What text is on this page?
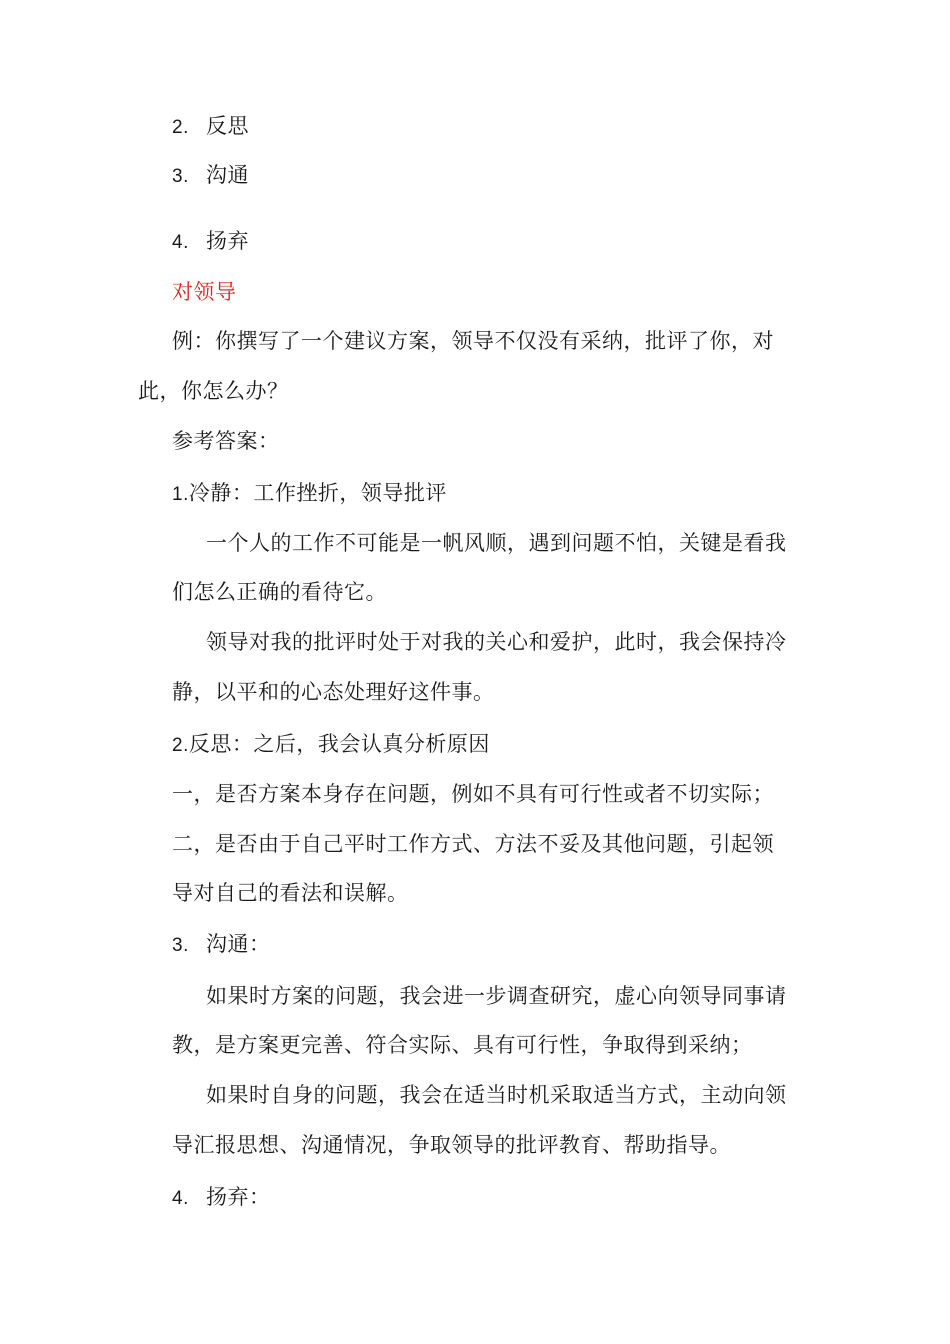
2. 反思
3. 沟通
4. 扬弃
对领导
例：你撰写了一个建议方案，领导不仅没有采纳，批评了你，对
此，你怎么办？
参考答案：
1.冷静：工作挫折，领导批评
一个人的工作不可能是一帆风顺，遇到问题不怕，关键是看我
们怎么正确的看待它。
领导对我的批评时处于对我的关心和爱护，此时，我会保持冷
静，以平和的心态处理好这件事。
2.反思：之后，我会认真分析原因
一，是否方案本身存在问题，例如不具有可行性或者不切实际；
二，是否由于自己平时工作方式、方法不妥及其他问题，引起领
导对自己的看法和误解。
3. 沟通：
如果时方案的问题，我会进一步调查研究，虚心向领导同事请
教，是方案更完善、符合实际、具有可行性，争取得到采纳；
如果时自身的问题，我会在适当时机采取适当方式，主动向领
导汇报思想、沟通情况，争取领导的批评教育、帮助指导。
4. 扬弃：
